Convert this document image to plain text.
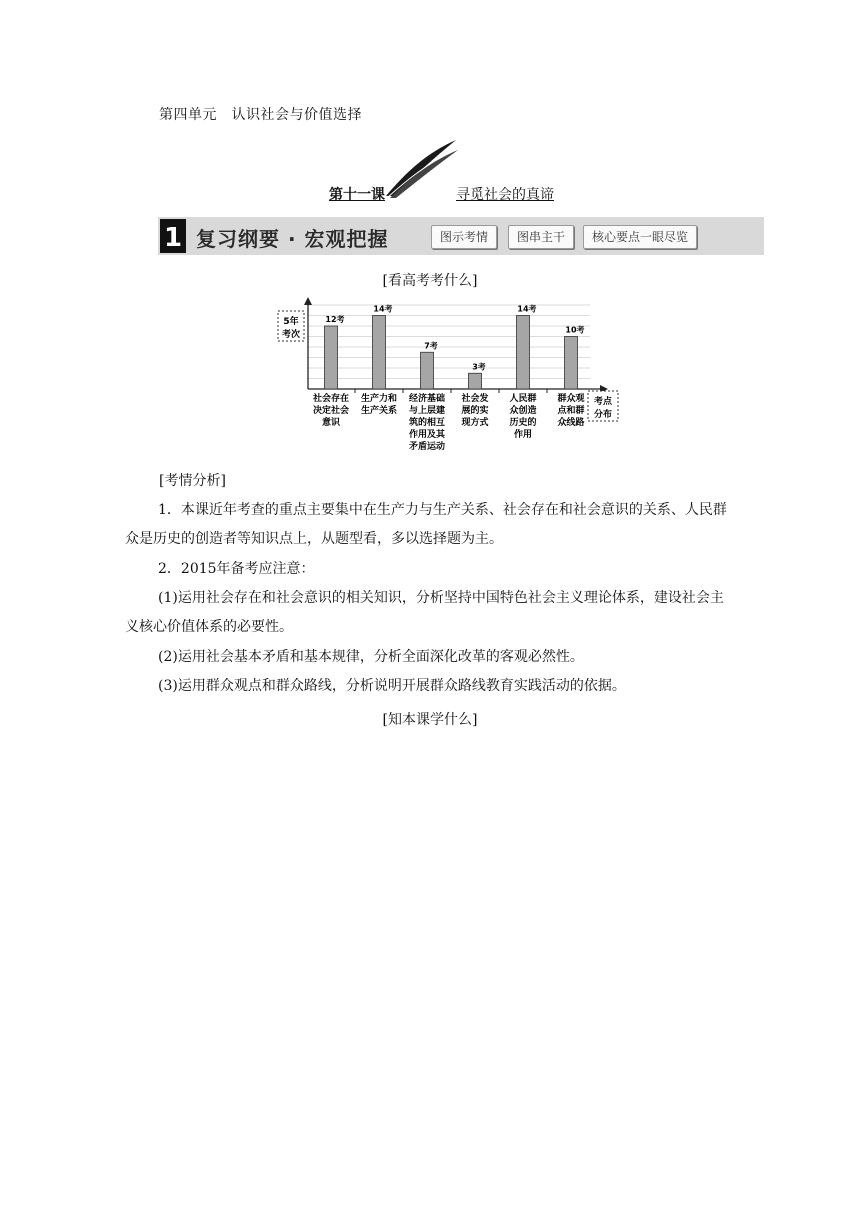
第四单元　认识社会与价值选择
第十一课	寻觅社会的真谛
1 复习纲要 · 宏观把握	图示考情	图串主干	核心要点一眼尽览
[看高考考什么]
5年
考次
考点
分布
12考
社会存在
决定社会
意识
14考
生产力和
生产关系
7考
经济基础
与上层建
筑的相互
作用及其
矛盾运动
3考
社会发
展的实
现方式
14考
人民群
众创造
历史的
作用
10考
群众观
点和群
众线路
[考情分析]
1．本课近年考查的重点主要集中在生产力与生产关系、社会存在和社会意识的关系、人民群众是历史的创造者等知识点上，从题型看，多以选择题为主。
2．2015年备考应注意：
(1)运用社会存在和社会意识的相关知识，分析坚持中国特色社会主义理论体系，建设社会主义核心价值体系的必要性。
(2)运用社会基本矛盾和基本规律，分析全面深化改革的客观必然性。
(3)运用群众观点和群众路线，分析说明开展群众路线教育实践活动的依据。
[知本课学什么]
